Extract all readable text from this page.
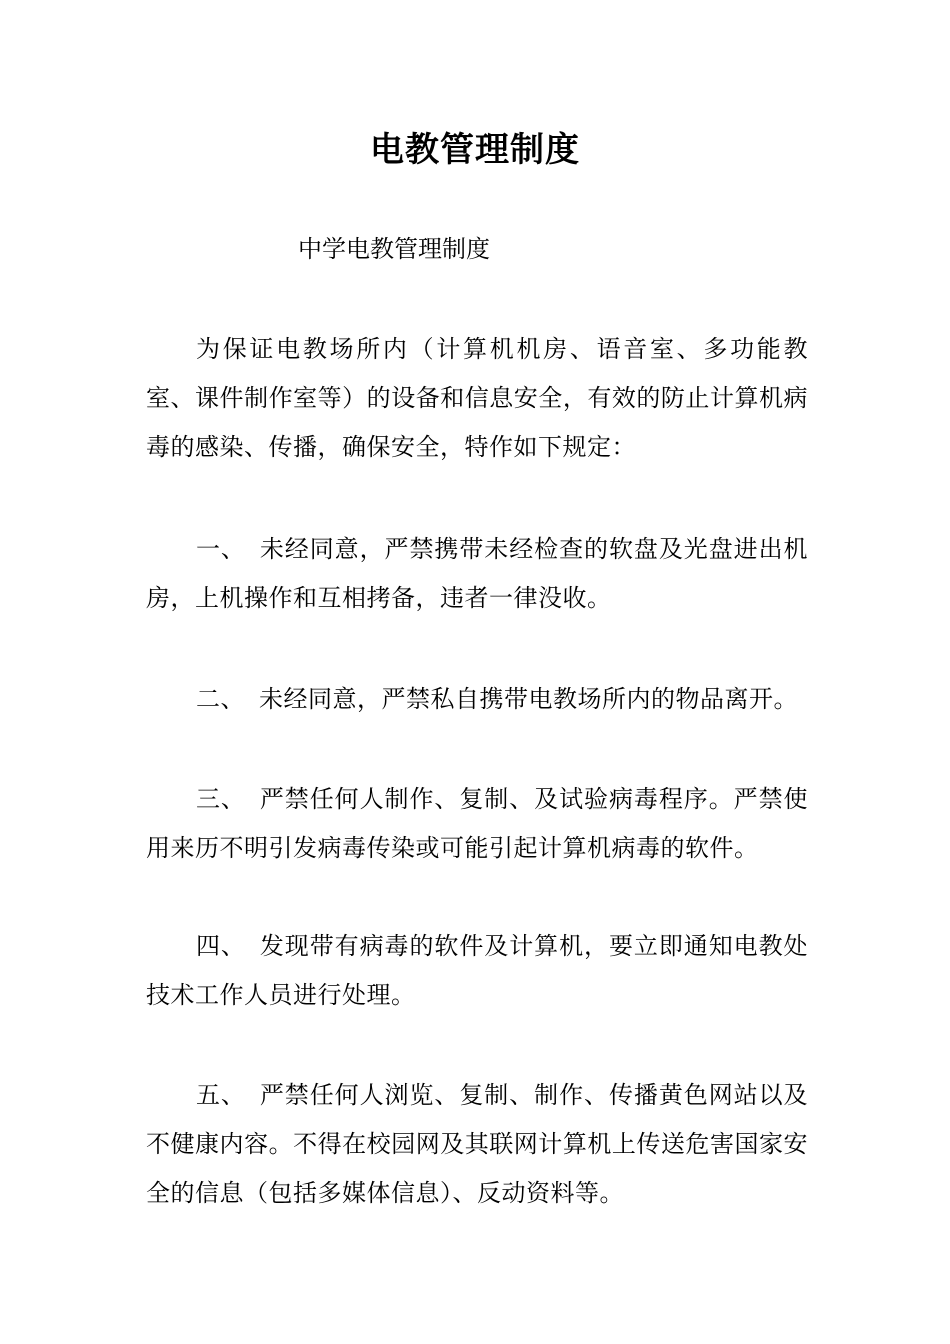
电教管理制度
中学电教管理制度
为保证电教场所内（计算机机房、语音室、多功能教室、课件制作室等）的设备和信息安全，有效的防止计算机病毒的感染、传播，确保安全，特作如下规定：
一、 未经同意，严禁携带未经检查的软盘及光盘进出机房，上机操作和互相拷备，违者一律没收。
二、 未经同意，严禁私自携带电教场所内的物品离开。
三、 严禁任何人制作、复制、及试验病毒程序。严禁使用来历不明引发病毒传染或可能引起计算机病毒的软件。
四、 发现带有病毒的软件及计算机，要立即通知电教处技术工作人员进行处理。
五、 严禁任何人浏览、复制、制作、传播黄色网站以及不健康内容。不得在校园网及其联网计算机上传送危害国家安全的信息（包括多媒体信息）、反动资料等。
